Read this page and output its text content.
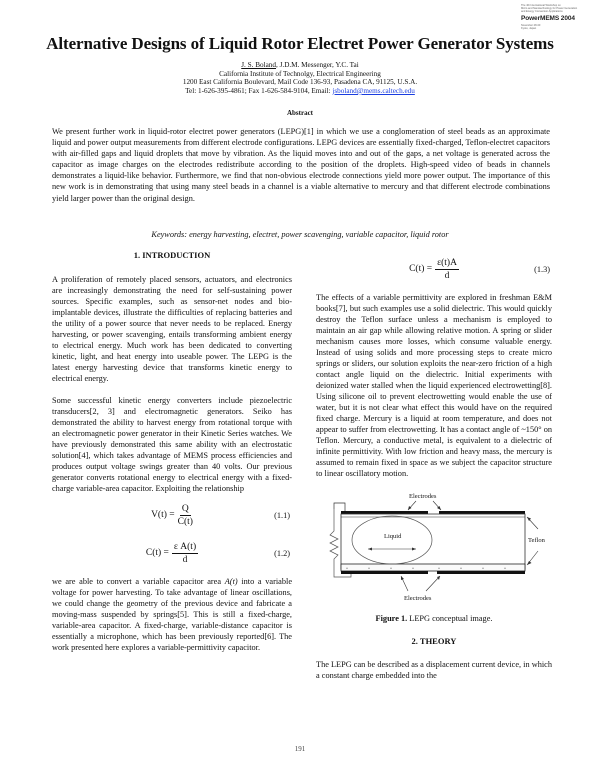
The 4th International Workshop on
Micro and Nanotechnology for Power Generation
and Energy Conversion Applications
PowerMEMS 2004
November 28-30
Kyoto, Japan
Alternative Designs of Liquid Rotor Electret Power Generator Systems
J. S. Boland, J.D.M. Messenger, Y.C. Tai
California Institute of Technolgy, Electrical Engineering
1200 East California Boulevard, Mail Code 136-93, Pasadena CA, 91125, U.S.A.
Tel: 1-626-395-4861; Fax 1-626-584-9104, Email: jsboland@mems.caltech.edu
Abstract
We present further work in liquid-rotor electret power generators (LEPG)[1] in which we use a conglomeration of steel beads as an approximate liquid and power output measurements from different electrode configurations. LEPG devices are essentially fixed-charged, Teflon-electret capacitors with air-filled gaps and liquid droplets that move by vibration. As the liquid moves into and out of the gaps, a net voltage is generated across the capacitor as image charges on the electrodes redistribute according to the position of the droplets. High-speed video of beads in channels demonstrates a liquid-like behavior. Furthermore, we find that non-obvious electrode connections yield more power output. The importance of this new work is in demonstrating that using many steel beads in a channel is a viable alternative to mercury and that different electrode combinations yield larger power than the original design.
Keywords: energy harvesting, electret, power scavenging, variable capacitor, liquid rotor
1. INTRODUCTION
A proliferation of remotely placed sensors, actuators, and electronics are increasingly demonstrating the need for self-sustaining power sources. Specific examples, such as sensor-net nodes and bio-implantable devices, illustrate the difficulties of replacing batteries and the utility of a power source that never needs to be replaced. Energy harvesting, or power scavenging, entails transforming ambient energy to electrical energy. Much work has been dedicated to converting kinetic, light, and heat energy into useable power. The LEPG is the latest energy harvesting device that transforms kinetic energy to electrical energy.
Some successful kinetic energy converters include piezoelectric transducers[2, 3] and electromagnetic generators. Seiko has demonstrated the ability to harvest energy from rotational torque with an electromagnetic power generator in their Kinetic Series watches. We have previously demonstrated this same ability with an electrostatic solution[4], which takes advantage of MEMS process efficiencies and produces output voltage swings greater than 40 volts. Our previous generator converts rotational energy to electrical energy with a fixed-charge variable-area capacitor. Exploiting the relationship
$V(t) = \frac{Q}{C(t)}$	(1.1)
$C(t) = \frac{\text{ε A(t)}}{d}$	(1.2)
we are able to convert a variable capacitor area A(t) into a variable voltage for power harvesting. To take advantage of linear oscillations, we could change the geometry of the previous device and fabricate a moving-mass suspended by springs[5]. This is still a fixed-charge, variable-area capacitor. A fixed-charge, variable-distance capacitor is essentially a microphone, which has been previously reported[6]. The work presented here explores a variable-permittivity capacitor.
$C(t) = \frac{\varepsilon(t)A}{d}$	(1.3)
The effects of a variable permittivity are explored in freshman E&M books[7], but such examples use a solid dielectric. This would quickly destroy the Teflon surface unless a mechanism is employed to maintain an air gap while allowing relative motion. A spring or slider mechanism causes more losses, which consume valuable energy. Instead of using solids and more processing steps to create micro springs or sliders, our solution exploits the near-zero friction of a high contact angle liquid on the dielectric. Initial experiments with deionized water stalled when the liquid experienced electrowetting[8]. Using silicone oil to prevent electrowetting would enable the use of water, but it is not clear what effect this would have on the required fixed charge. Mercury is a liquid at room temperature, and does not appear to suffer from electrowetting. It has a contact angle of ~150° on Teflon. Mercury, a conductive metal, is equivalent to a dielectric of infinite permittivity. With low friction and heavy mass, the mercury is assumed to remain fixed in space as we subject the capacitor structure to linear oscillatory motion.
••	••	••	••	••	••	••	••
Electrodes
Liquid
Teflon
Electrodes
Figure 1. LEPG conceptual image.
2. THEORY
The LEPG can be described as a displacement current device, in which a constant charge embedded into the
191
